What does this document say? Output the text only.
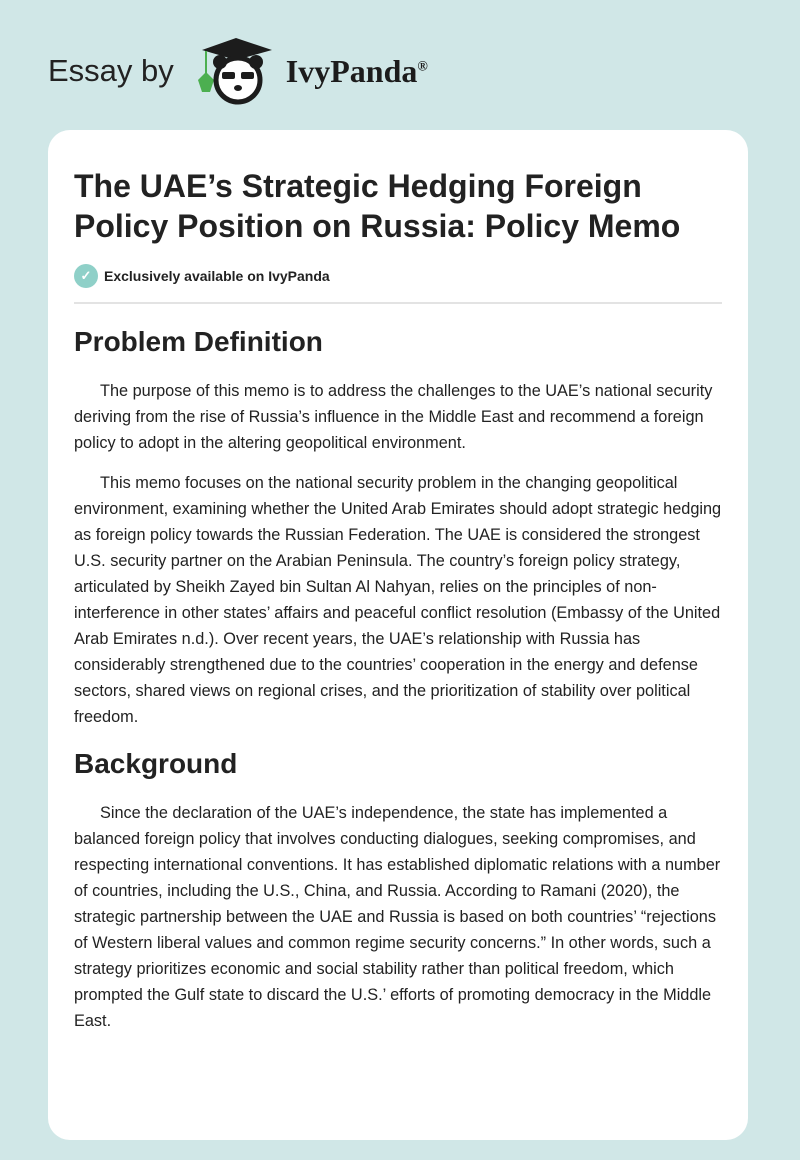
Essay by	IvyPanda®
The UAE’s Strategic Hedging Foreign Policy Position on Russia: Policy Memo
✓ Exclusively available on IvyPanda
Problem Definition

The purpose of this memo is to address the challenges to the UAE’s national security deriving from the rise of Russia’s influence in the Middle East and recommend a foreign policy to adopt in the altering geopolitical environment.

This memo focuses on the national security problem in the changing geopolitical environment, examining whether the United Arab Emirates should adopt strategic hedging as foreign policy towards the Russian Federation. The UAE is considered the strongest U.S. security partner on the Arabian Peninsula. The country’s foreign policy strategy, articulated by Sheikh Zayed bin Sultan Al Nahyan, relies on the principles of non-interference in other states’ affairs and peaceful conflict resolution (Embassy of the United Arab Emirates n.d.). Over recent years, the UAE’s relationship with Russia has considerably strengthened due to the countries’ cooperation in the energy and defense sectors, shared views on regional crises, and the prioritization of stability over political freedom.

Background

Since the declaration of the UAE’s independence, the state has implemented a balanced foreign policy that involves conducting dialogues, seeking compromises, and respecting international conventions. It has established diplomatic relations with a number of countries, including the U.S., China, and Russia. According to Ramani (2020), the strategic partnership between the UAE and Russia is based on both countries’ “rejections of Western liberal values and common regime security concerns.” In other words, such a strategy prioritizes economic and social stability rather than political freedom, which prompted the Gulf state to discard the U.S.’ efforts of promoting democracy in the Middle East.
